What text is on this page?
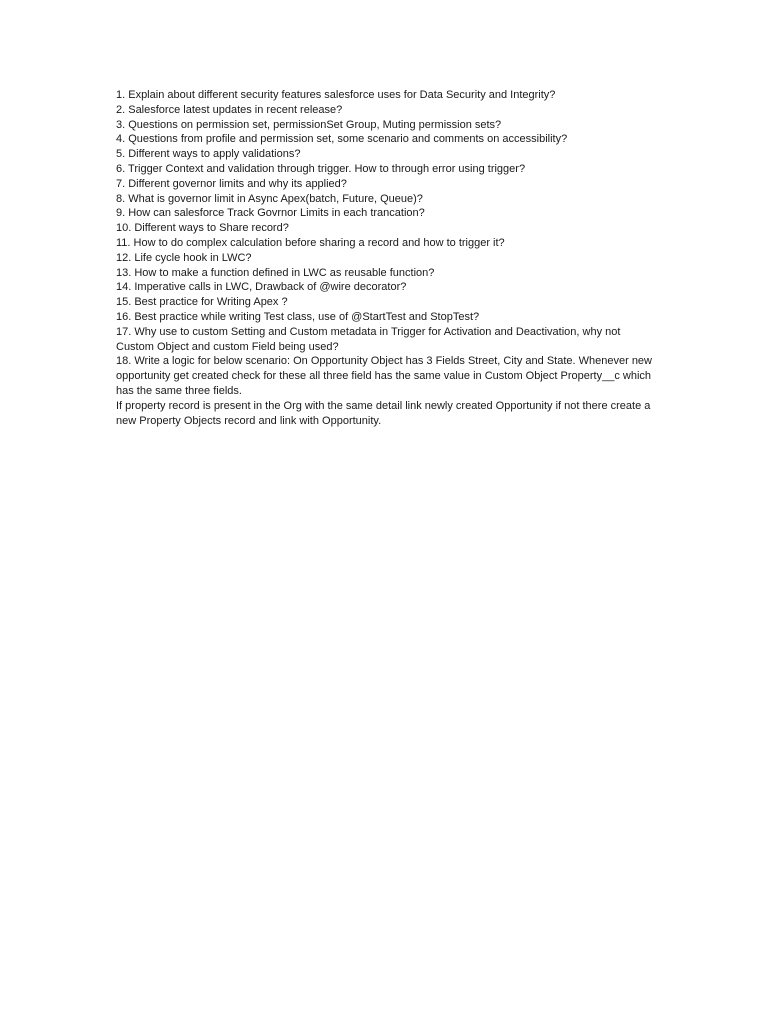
1. Explain about different security features salesforce uses for Data Security and Integrity?

2. Salesforce latest updates in recent release?

3. Questions on permission set, permissionSet Group, Muting permission sets?

4. Questions from profile and permission set, some scenario and comments on accessibility?

5. Different ways to apply validations?

6. Trigger Context and validation through trigger. How to through error using trigger?

7. Different governor limits and why its applied?

8. What is governor limit in Async Apex(batch, Future, Queue)?

9. How can salesforce Track Govrnor Limits in each trancation?

10. Different ways to Share record?

11. How to do complex calculation before sharing a record and how to trigger it?

12. Life cycle hook in LWC?

13. How to make a function defined in LWC as reusable function?

14. Imperative calls in LWC, Drawback of @wire decorator?

15. Best practice for Writing Apex ?

16. Best practice while writing Test class, use of @StartTest and StopTest?

17. Why use to custom Setting and Custom metadata in Trigger for Activation and Deactivation, why not Custom Object and custom Field being used?

18. Write a logic for below scenario: On Opportunity Object has 3 Fields Street, City and State. Whenever new opportunity get created check for these all three field has the same value in Custom Object Property__c which has the same three fields.

If property record is present in the Org with the same detail link newly created Opportunity if not there create a new Property Objects record and link with Opportunity.
